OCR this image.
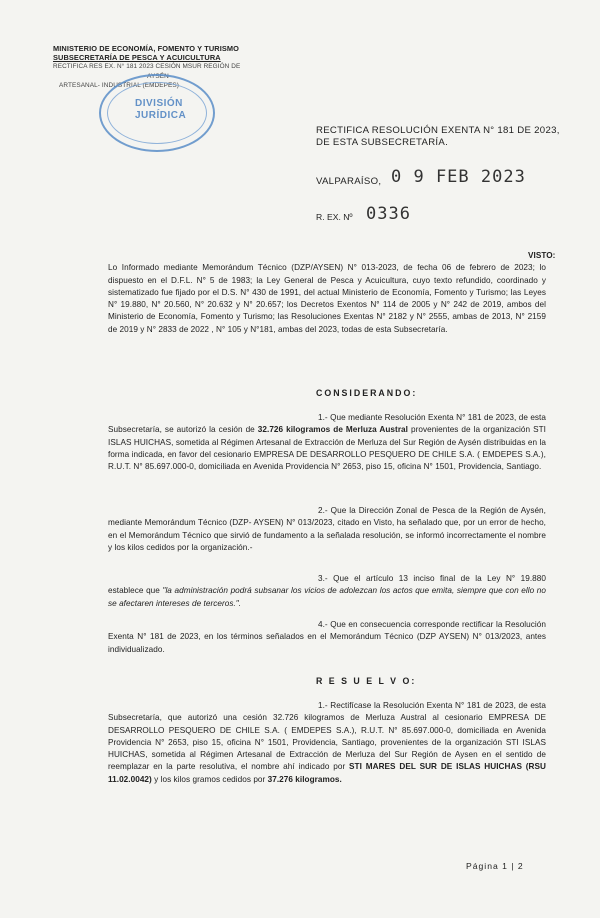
MINISTERIO DE ECONOMÍA, FOMENTO Y TURISMO
SUBSECRETARÍA DE PESCA Y ACUICULTURA
RECTIFICA RES EX. N° 181 2023 CESIÓN MSUR REGIÓN DE
AYSÉN
ARTESANAL- INDUSTRIAL (EMDEPES)
DIVISIÓN
JURÍDICA
RECTIFICA RESOLUCIÓN EXENTA N° 181 DE 2023,
DE ESTA SUBSECRETARÍA.
VALPARAÍSO, 0 9 FEB 2023
R. EX. Nº 0336
VISTO: Lo Informado mediante Memorándum Técnico (DZP/AYSEN) N° 013-2023, de fecha 06 de febrero de 2023; lo dispuesto en el D.F.L. N° 5 de 1983; la Ley General de Pesca y Acuicultura, cuyo texto refundido, coordinado y sistematizado fue fijado por el D.S. N° 430 de 1991, del actual Ministerio de Economía, Fomento y Turismo; las Leyes N° 19.880, N° 20.560, N° 20.632 y N° 20.657; los Decretos Exentos N° 114 de 2005 y N° 242 de 2019, ambos del Ministerio de Economía, Fomento y Turismo; las Resoluciones Exentas N° 2182 y N° 2555, ambas de 2013, N° 2159 de 2019 y N° 2833 de 2022 , N° 105 y N°181, ambas del 2023, todas de esta Subsecretaría.
CONSIDERANDO:
1.- Que mediante Resolución Exenta N° 181 de 2023, de esta Subsecretaría, se autorizó la cesión de 32.726 kilogramos de Merluza Austral provenientes de la organización STI ISLAS HUICHAS, sometida al Régimen Artesanal de Extracción de Merluza del Sur Región de Aysén distribuidas en la forma indicada, en favor del cesionario EMPRESA DE DESARROLLO PESQUERO DE CHILE S.A. ( EMDEPES S.A.), R.U.T. N° 85.697.000-0, domiciliada en Avenida Providencia N° 2653, piso 15, oficina N° 1501, Providencia, Santiago.
2.- Que la Dirección Zonal de Pesca de la Región de Aysén, mediante Memorándum Técnico (DZP- AYSEN) N° 013/2023, citado en Visto, ha señalado que, por un error de hecho, en el Memorándum Técnico que sirvió de fundamento a la señalada resolución, se informó incorrectamente el nombre y los kilos cedidos por la organización.-
3.- Que el artículo 13 inciso final de la Ley N° 19.880 establece que "la administración podrá subsanar los vicios de adolezcan los actos que emita, siempre que con ello no se afectaren intereses de terceros.".
4.- Que en consecuencia corresponde rectificar la Resolución Exenta N° 181 de 2023, en los términos señalados en el Memorándum Técnico (DZP AYSEN) N° 013/2023, antes individualizado.
R E S U E L V O:
1.- Rectifícase la Resolución Exenta N° 181 de 2023, de esta Subsecretaría, que autorizó una cesión 32.726 kilogramos de Merluza Austral al cesionario EMPRESA DE DESARROLLO PESQUERO DE CHILE S.A. ( EMDEPES S.A.), R.U.T. N° 85.697.000-0, domiciliada en Avenida Providencia N° 2653, piso 15, oficina N° 1501, Providencia, Santiago, provenientes de la organización STI ISLAS HUICHAS, sometida al Régimen Artesanal de Extracción de Merluza del Sur Región de Aysen en el sentido de reemplazar en la parte resolutiva, el nombre ahí indicado por STI MARES DEL SUR DE ISLAS HUICHAS (RSU 11.02.0042) y los kilos gramos cedidos por 37.276 kilogramos.
Página 1 | 2
